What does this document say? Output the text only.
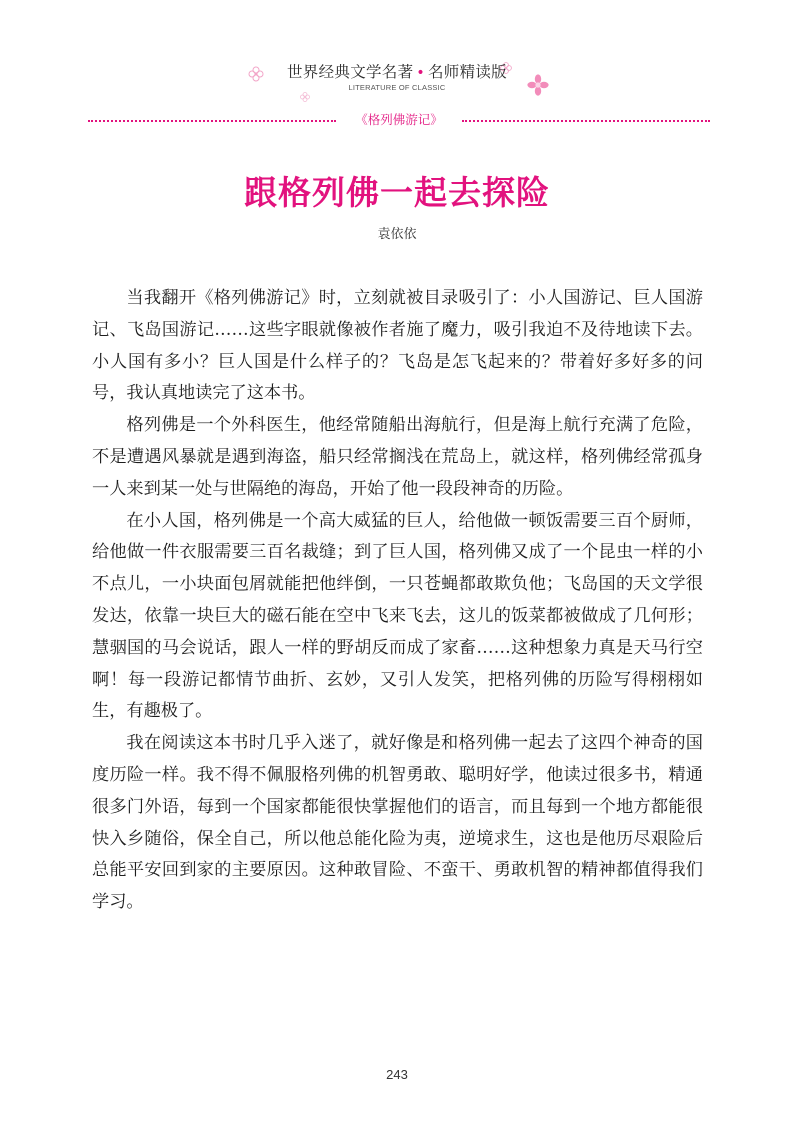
世界经典文学名著 • 名师精读版
LITERATURE OF CLASSIC
《格列佛游记》
跟格列佛一起去探险
袁依依

当我翻开《格列佛游记》时，立刻就被目录吸引了：小人国游记、巨人国游记、飞岛国游记……这些字眼就像被作者施了魔力，吸引我迫不及待地读下去。小人国有多小？巨人国是什么样子的？飞岛是怎飞起来的？带着好多好多的问号，我认真地读完了这本书。

格列佛是一个外科医生，他经常随船出海航行，但是海上航行充满了危险，不是遭遇风暴就是遇到海盗，船只经常搁浅在荒岛上，就这样，格列佛经常孤身一人来到某一处与世隔绝的海岛，开始了他一段段神奇的历险。

在小人国，格列佛是一个高大威猛的巨人，给他做一顿饭需要三百个厨师，给他做一件衣服需要三百名裁缝；到了巨人国，格列佛又成了一个昆虫一样的小不点儿，一小块面包屑就能把他绊倒，一只苍蝇都敢欺负他；飞岛国的天文学很发达，依靠一块巨大的磁石能在空中飞来飞去，这儿的饭菜都被做成了几何形；慧骃国的马会说话，跟人一样的野胡反而成了家畜……这种想象力真是天马行空啊！每一段游记都情节曲折、玄妙，又引人发笑，把格列佛的历险写得栩栩如生，有趣极了。

我在阅读这本书时几乎入迷了，就好像是和格列佛一起去了这四个神奇的国度历险一样。我不得不佩服格列佛的机智勇敢、聪明好学，他读过很多书，精通很多门外语，每到一个国家都能很快掌握他们的语言，而且每到一个地方都能很快入乡随俗，保全自己，所以他总能化险为夷，逆境求生，这也是他历尽艰险后总能平安回到家的主要原因。这种敢冒险、不蛮干、勇敢机智的精神都值得我们学习。

243
